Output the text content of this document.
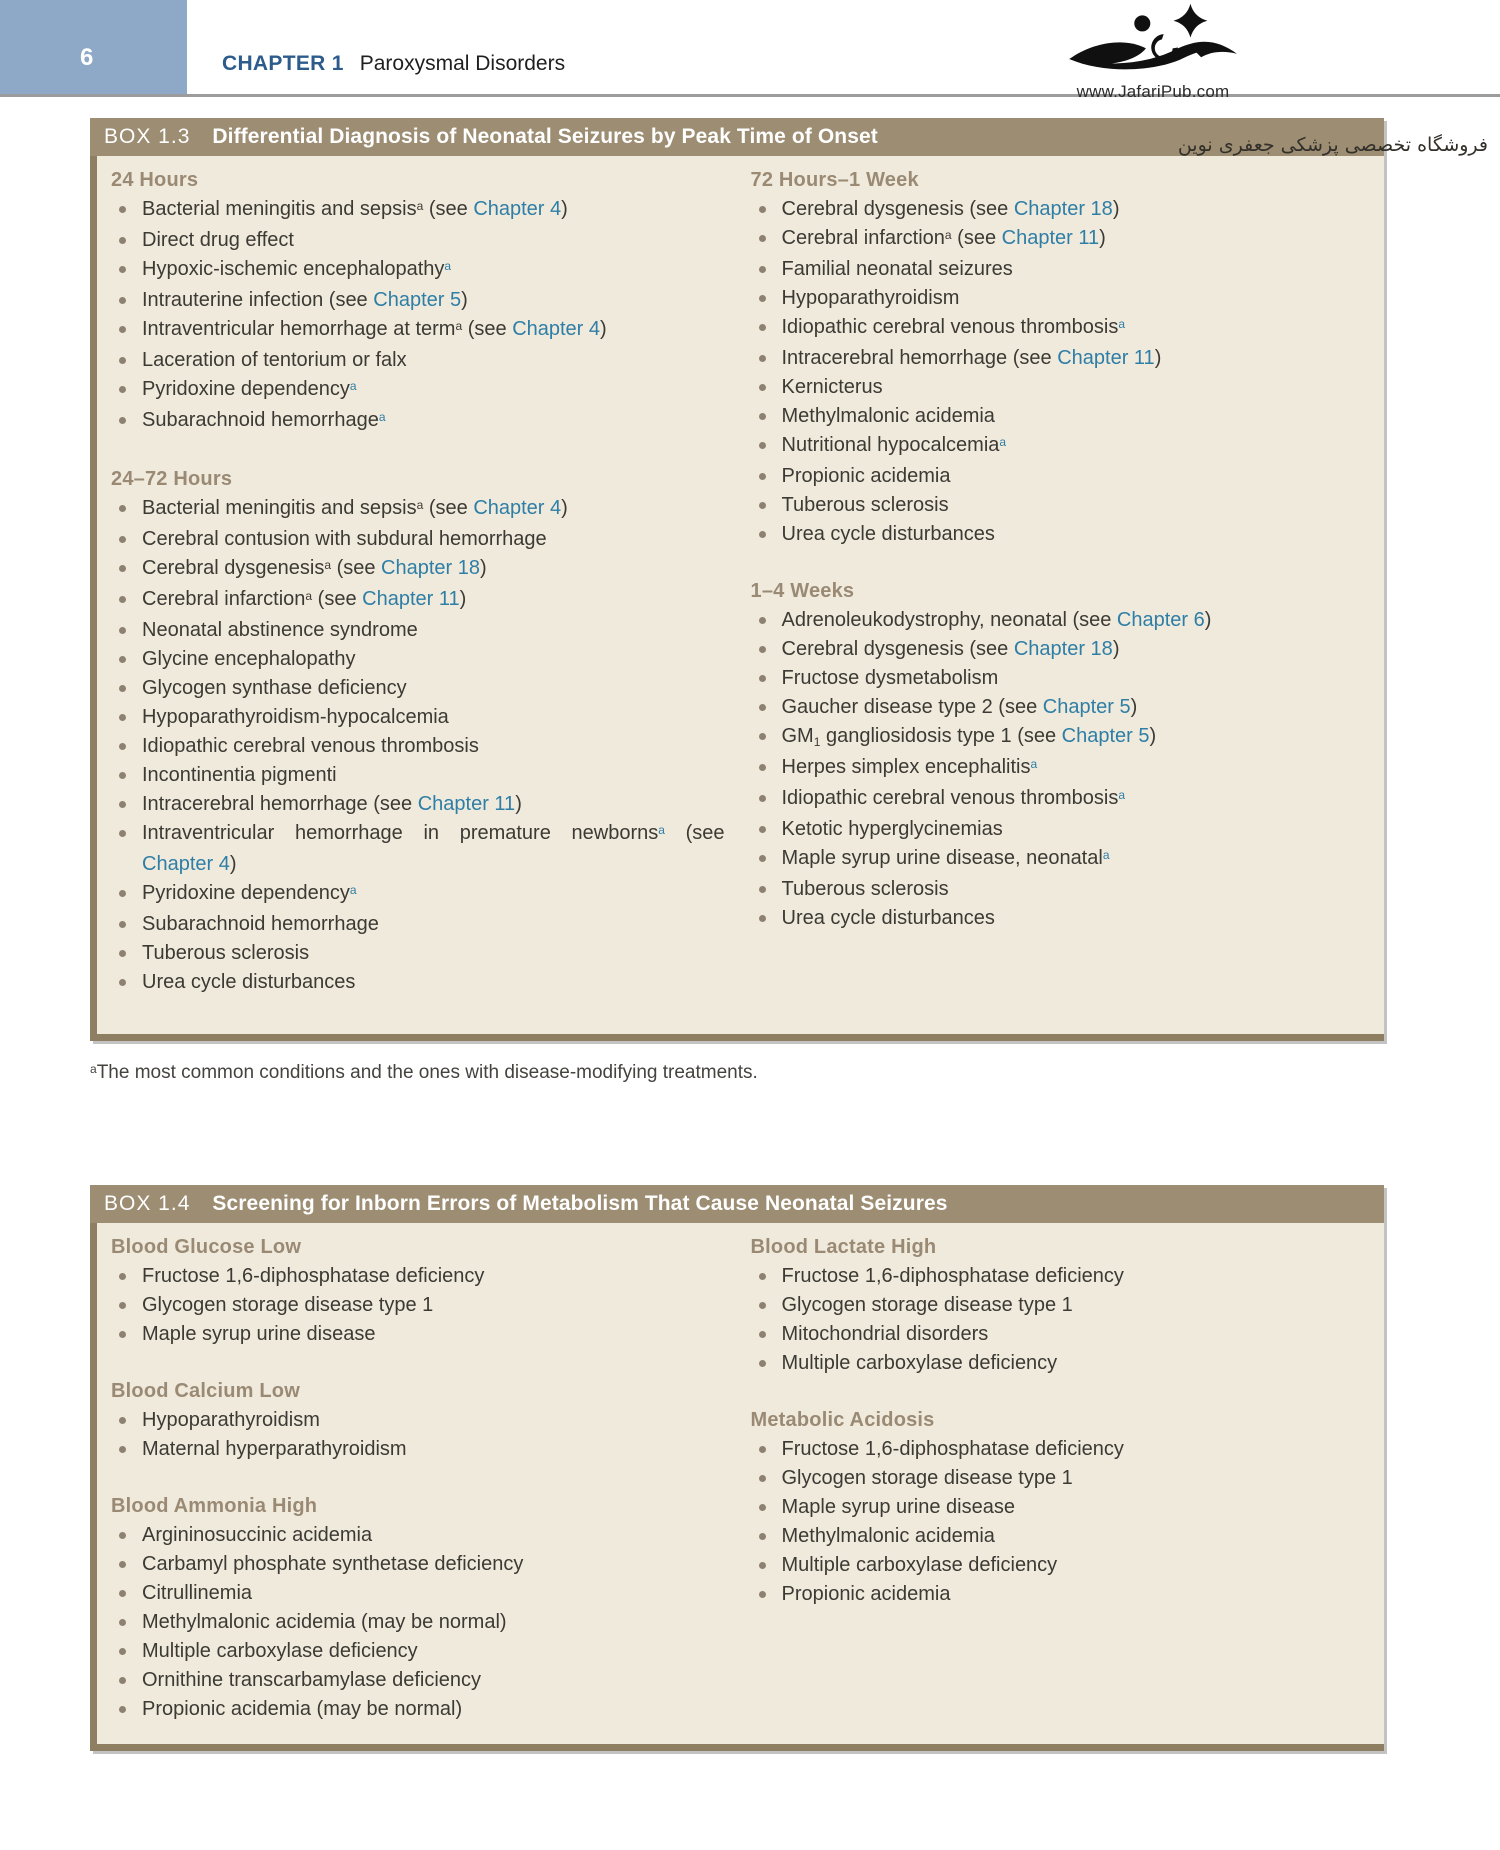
6	CHAPTER 1 Paroxysmal Disorders
www.JafariPub.com
BOX 1.3 Differential Diagnosis of Neonatal Seizures by Peak Time of Onset
24 Hours
Bacterial meningitis and sepsis$^a$ (see Chapter 4)
Direct drug effect
Hypoxic-ischemic encephalopathy$^a$
Intrauterine infection (see Chapter 5)
Intraventricular hemorrhage at term$^a$ (see Chapter 4)
Laceration of tentorium or falx
Pyridoxine dependency$^a$
Subarachnoid hemorrhage$^a$
24–72 Hours
Bacterial meningitis and sepsis$^a$ (see Chapter 4)
Cerebral contusion with subdural hemorrhage
Cerebral dysgenesis$^a$ (see Chapter 18)
Cerebral infarction$^a$ (see Chapter 11)
Neonatal abstinence syndrome
Glycine encephalopathy
Glycogen synthase deficiency
Hypoparathyroidism-hypocalcemia
Idiopathic cerebral venous thrombosis
Incontinentia pigmenti
Intracerebral hemorrhage (see Chapter 11)
Intraventricular hemorrhage in premature newborns$^a$ (see Chapter 4)
Pyridoxine dependency$^a$
Subarachnoid hemorrhage
Tuberous sclerosis
Urea cycle disturbances
72 Hours–1 Week
Cerebral dysgenesis (see Chapter 18)
Cerebral infarction$^a$ (see Chapter 11)
Familial neonatal seizures
Hypoparathyroidism
Idiopathic cerebral venous thrombosis$^a$
Intracerebral hemorrhage (see Chapter 11)
Kernicterus
Methylmalonic acidemia
Nutritional hypocalcemia$^a$
Propionic acidemia
Tuberous sclerosis
Urea cycle disturbances
1–4 Weeks
Adrenoleukodystrophy, neonatal (see Chapter 6)
Cerebral dysgenesis (see Chapter 18)
Fructose dysmetabolism
Gaucher disease type 2 (see Chapter 5)
GM1 gangliosidosis type 1 (see Chapter 5)
Herpes simplex encephalitis$^a$
Idiopathic cerebral venous thrombosis$^a$
Ketotic hyperglycinemias
Maple syrup urine disease, neonatal$^a$
Tuberous sclerosis
Urea cycle disturbances
فروشگاه تخصصی پزشکی جعفری نوین

$^a$The most common conditions and the ones with disease-modifying treatments.

BOX 1.4 Screening for Inborn Errors of Metabolism That Cause Neonatal Seizures
Blood Glucose Low
Fructose 1,6-diphosphatase deficiency
Glycogen storage disease type 1
Maple syrup urine disease
Blood Calcium Low
Hypoparathyroidism
Maternal hyperparathyroidism
Blood Ammonia High
Argininosuccinic acidemia
Carbamyl phosphate synthetase deficiency
Citrullinemia
Methylmalonic acidemia (may be normal)
Multiple carboxylase deficiency
Ornithine transcarbamylase deficiency
Propionic acidemia (may be normal)
Blood Lactate High
Fructose 1,6-diphosphatase deficiency
Glycogen storage disease type 1
Mitochondrial disorders
Multiple carboxylase deficiency
Metabolic Acidosis
Fructose 1,6-diphosphatase deficiency
Glycogen storage disease type 1
Maple syrup urine disease
Methylmalonic acidemia
Multiple carboxylase deficiency
Propionic acidemia
